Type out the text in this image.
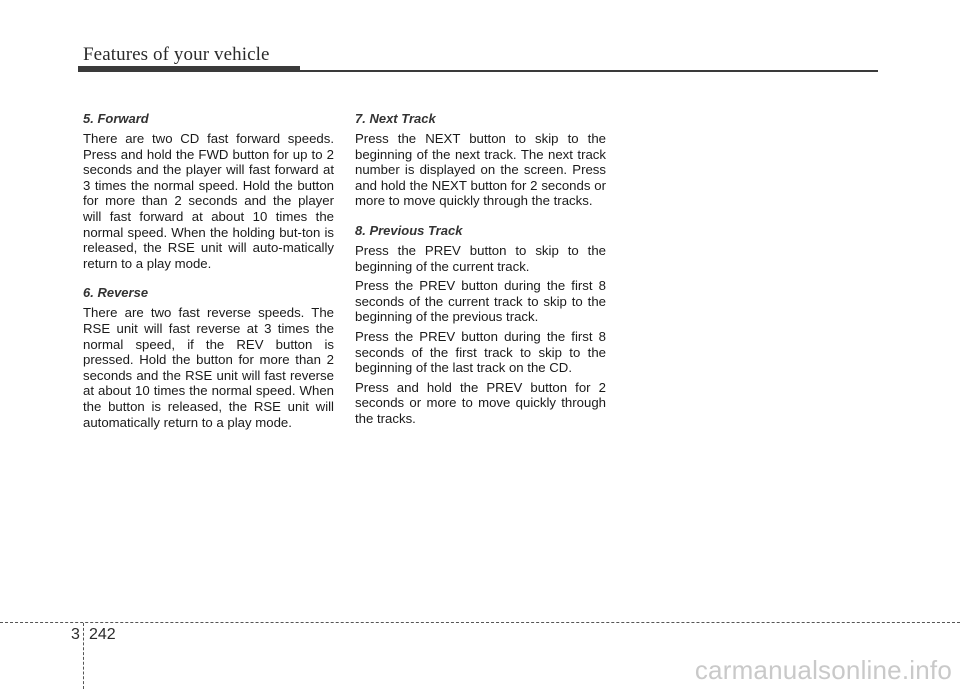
Features of your vehicle

5. Forward

There are two CD fast forward speeds. Press and hold the FWD button for up to 2 seconds and the player will fast forward at 3 times the normal speed. Hold the button for more than 2 seconds and the player will fast forward at about 10 times the normal speed. When the holding but-ton is released, the RSE unit will auto-matically return to a play mode.

6. Reverse

There are two fast reverse speeds. The RSE unit will fast reverse at 3 times the normal speed, if the REV button is pressed. Hold the button for more than 2 seconds and the RSE unit will fast reverse at about 10 times the normal speed. When the button is released, the RSE unit will automatically return to a play mode.

7. Next Track

Press the NEXT button to skip to the beginning of the next track. The next track number is displayed on the screen. Press and hold the NEXT button for 2 seconds or more to move quickly through the tracks.

8. Previous Track

Press the PREV button to skip to the beginning of the current track.

Press the PREV button during the first 8 seconds of the current track to skip to the beginning of the previous track.

Press the PREV button during the first 8 seconds of the first track to skip to the beginning of the last track on the CD.

Press and hold the PREV button for 2 seconds or more to move quickly through the tracks.

3 242
carmanualsonline.info
